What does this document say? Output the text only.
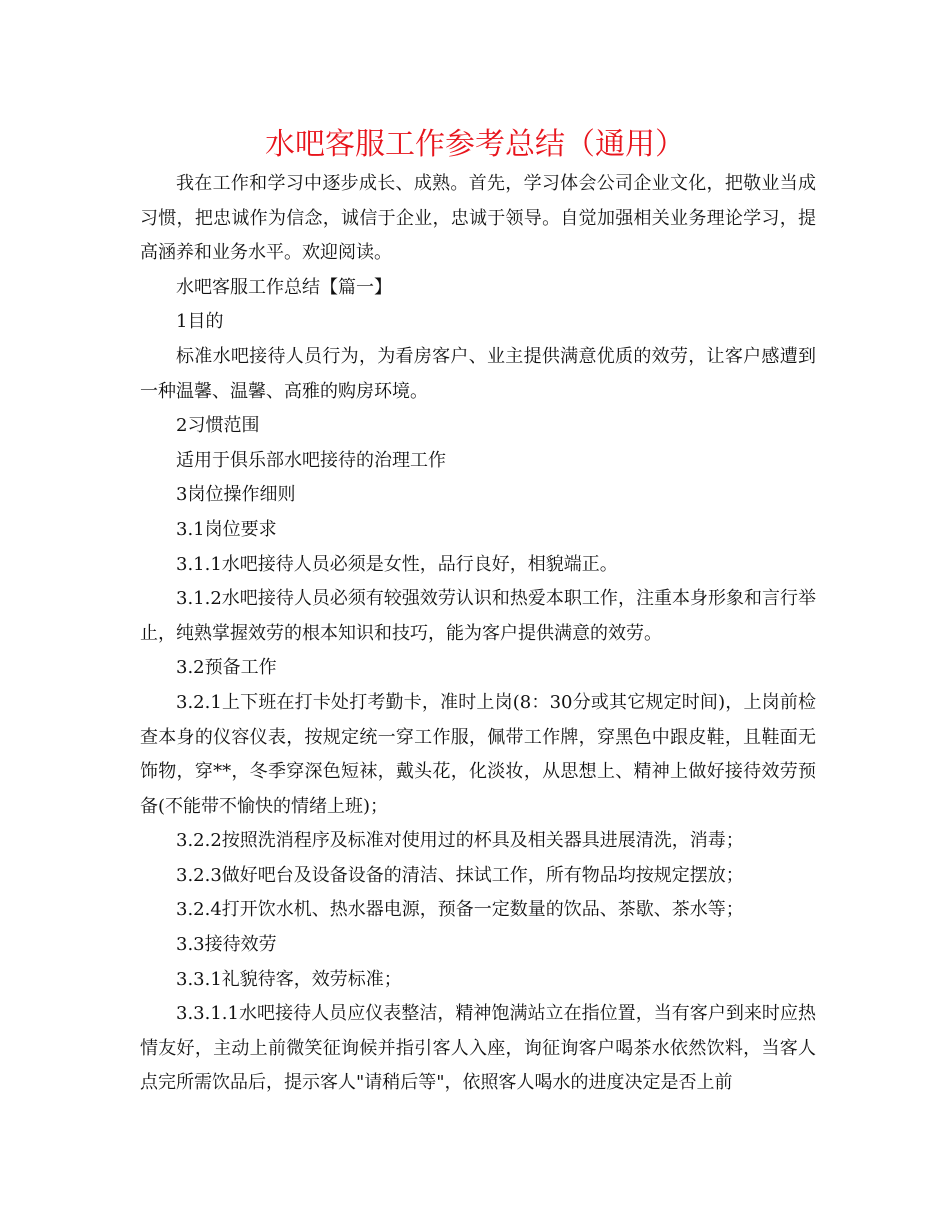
水吧客服工作参考总结（通用）

我在工作和学习中逐步成长、成熟。首先，学习体会公司企业文化，把敬业当成习惯，把忠诚作为信念，诚信于企业，忠诚于领导。自觉加强相关业务理论学习，提高涵养和业务水平。欢迎阅读。

水吧客服工作总结【篇一】

1目的

标准水吧接待人员行为，为看房客户、业主提供满意优质的效劳，让客户感遭到一种温馨、温馨、高雅的购房环境。

2习惯范围

适用于俱乐部水吧接待的治理工作

3岗位操作细则

3.1岗位要求

3.1.1水吧接待人员必须是女性，品行良好，相貌端正。

3.1.2水吧接待人员必须有较强效劳认识和热爱本职工作，注重本身形象和言行举止，纯熟掌握效劳的根本知识和技巧，能为客户提供满意的效劳。

3.2预备工作

3.2.1上下班在打卡处打考勤卡，准时上岗(8：30分或其它规定时间)，上岗前检查本身的仪容仪表，按规定统一穿工作服，佩带工作牌，穿黑色中跟皮鞋，且鞋面无饰物，穿**，冬季穿深色短袜，戴头花，化淡妆，从思想上、精神上做好接待效劳预备(不能带不愉快的情绪上班)；

3.2.2按照洗消程序及标准对使用过的杯具及相关器具进展清洗，消毒；

3.2.3做好吧台及设备设备的清洁、抹试工作，所有物品均按规定摆放；

3.2.4打开饮水机、热水器电源，预备一定数量的饮品、茶歇、茶水等；

3.3接待效劳

3.3.1礼貌待客，效劳标准；

3.3.1.1水吧接待人员应仪表整洁，精神饱满站立在指位置，当有客户到来时应热情友好，主动上前微笑征询候并指引客人入座，询征询客户喝茶水依然饮料，当客人点完所需饮品后，提示客人"请稍后等"，依照客人喝水的进度决定是否上前
